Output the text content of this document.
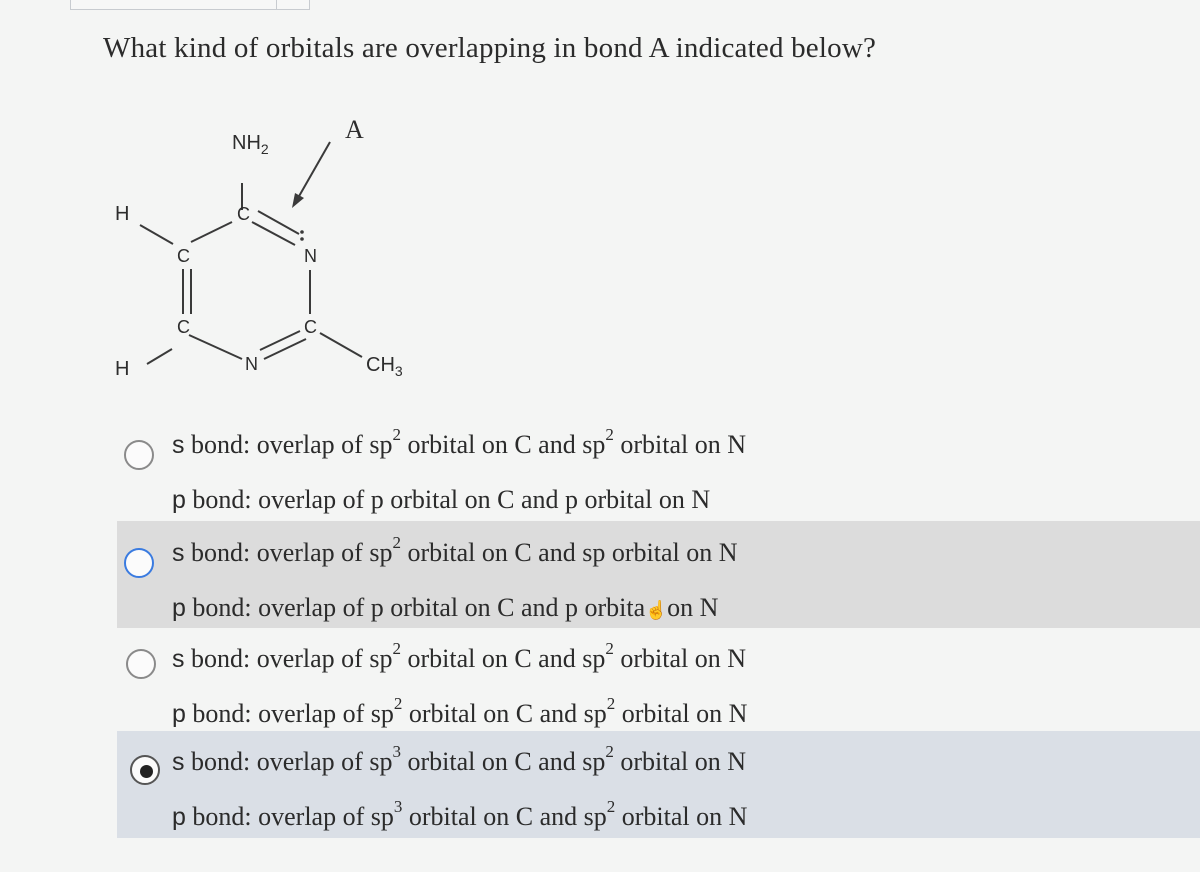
What kind of orbitals are overlapping in bond A indicated below?
$NH_2$
A
C
C	N
C	C
N
H
H	$CH_3$
s bond: overlap of $sp^2$ orbital on C and $sp^2$ orbital on N
p bond: overlap of p orbital on C and p orbital on N
s bond: overlap of $sp^2$ orbital on C and sp orbital on N
p bond: overlap of p orbital on C and p orbita☝on N
s bond: overlap of $sp^2$ orbital on C and $sp^2$ orbital on N
p bond: overlap of $sp^2$ orbital on C and $sp^2$ orbital on N
s bond: overlap of $sp^3$ orbital on C and $sp^2$ orbital on N
p bond: overlap of $sp^3$ orbital on C and $sp^2$ orbital on N
